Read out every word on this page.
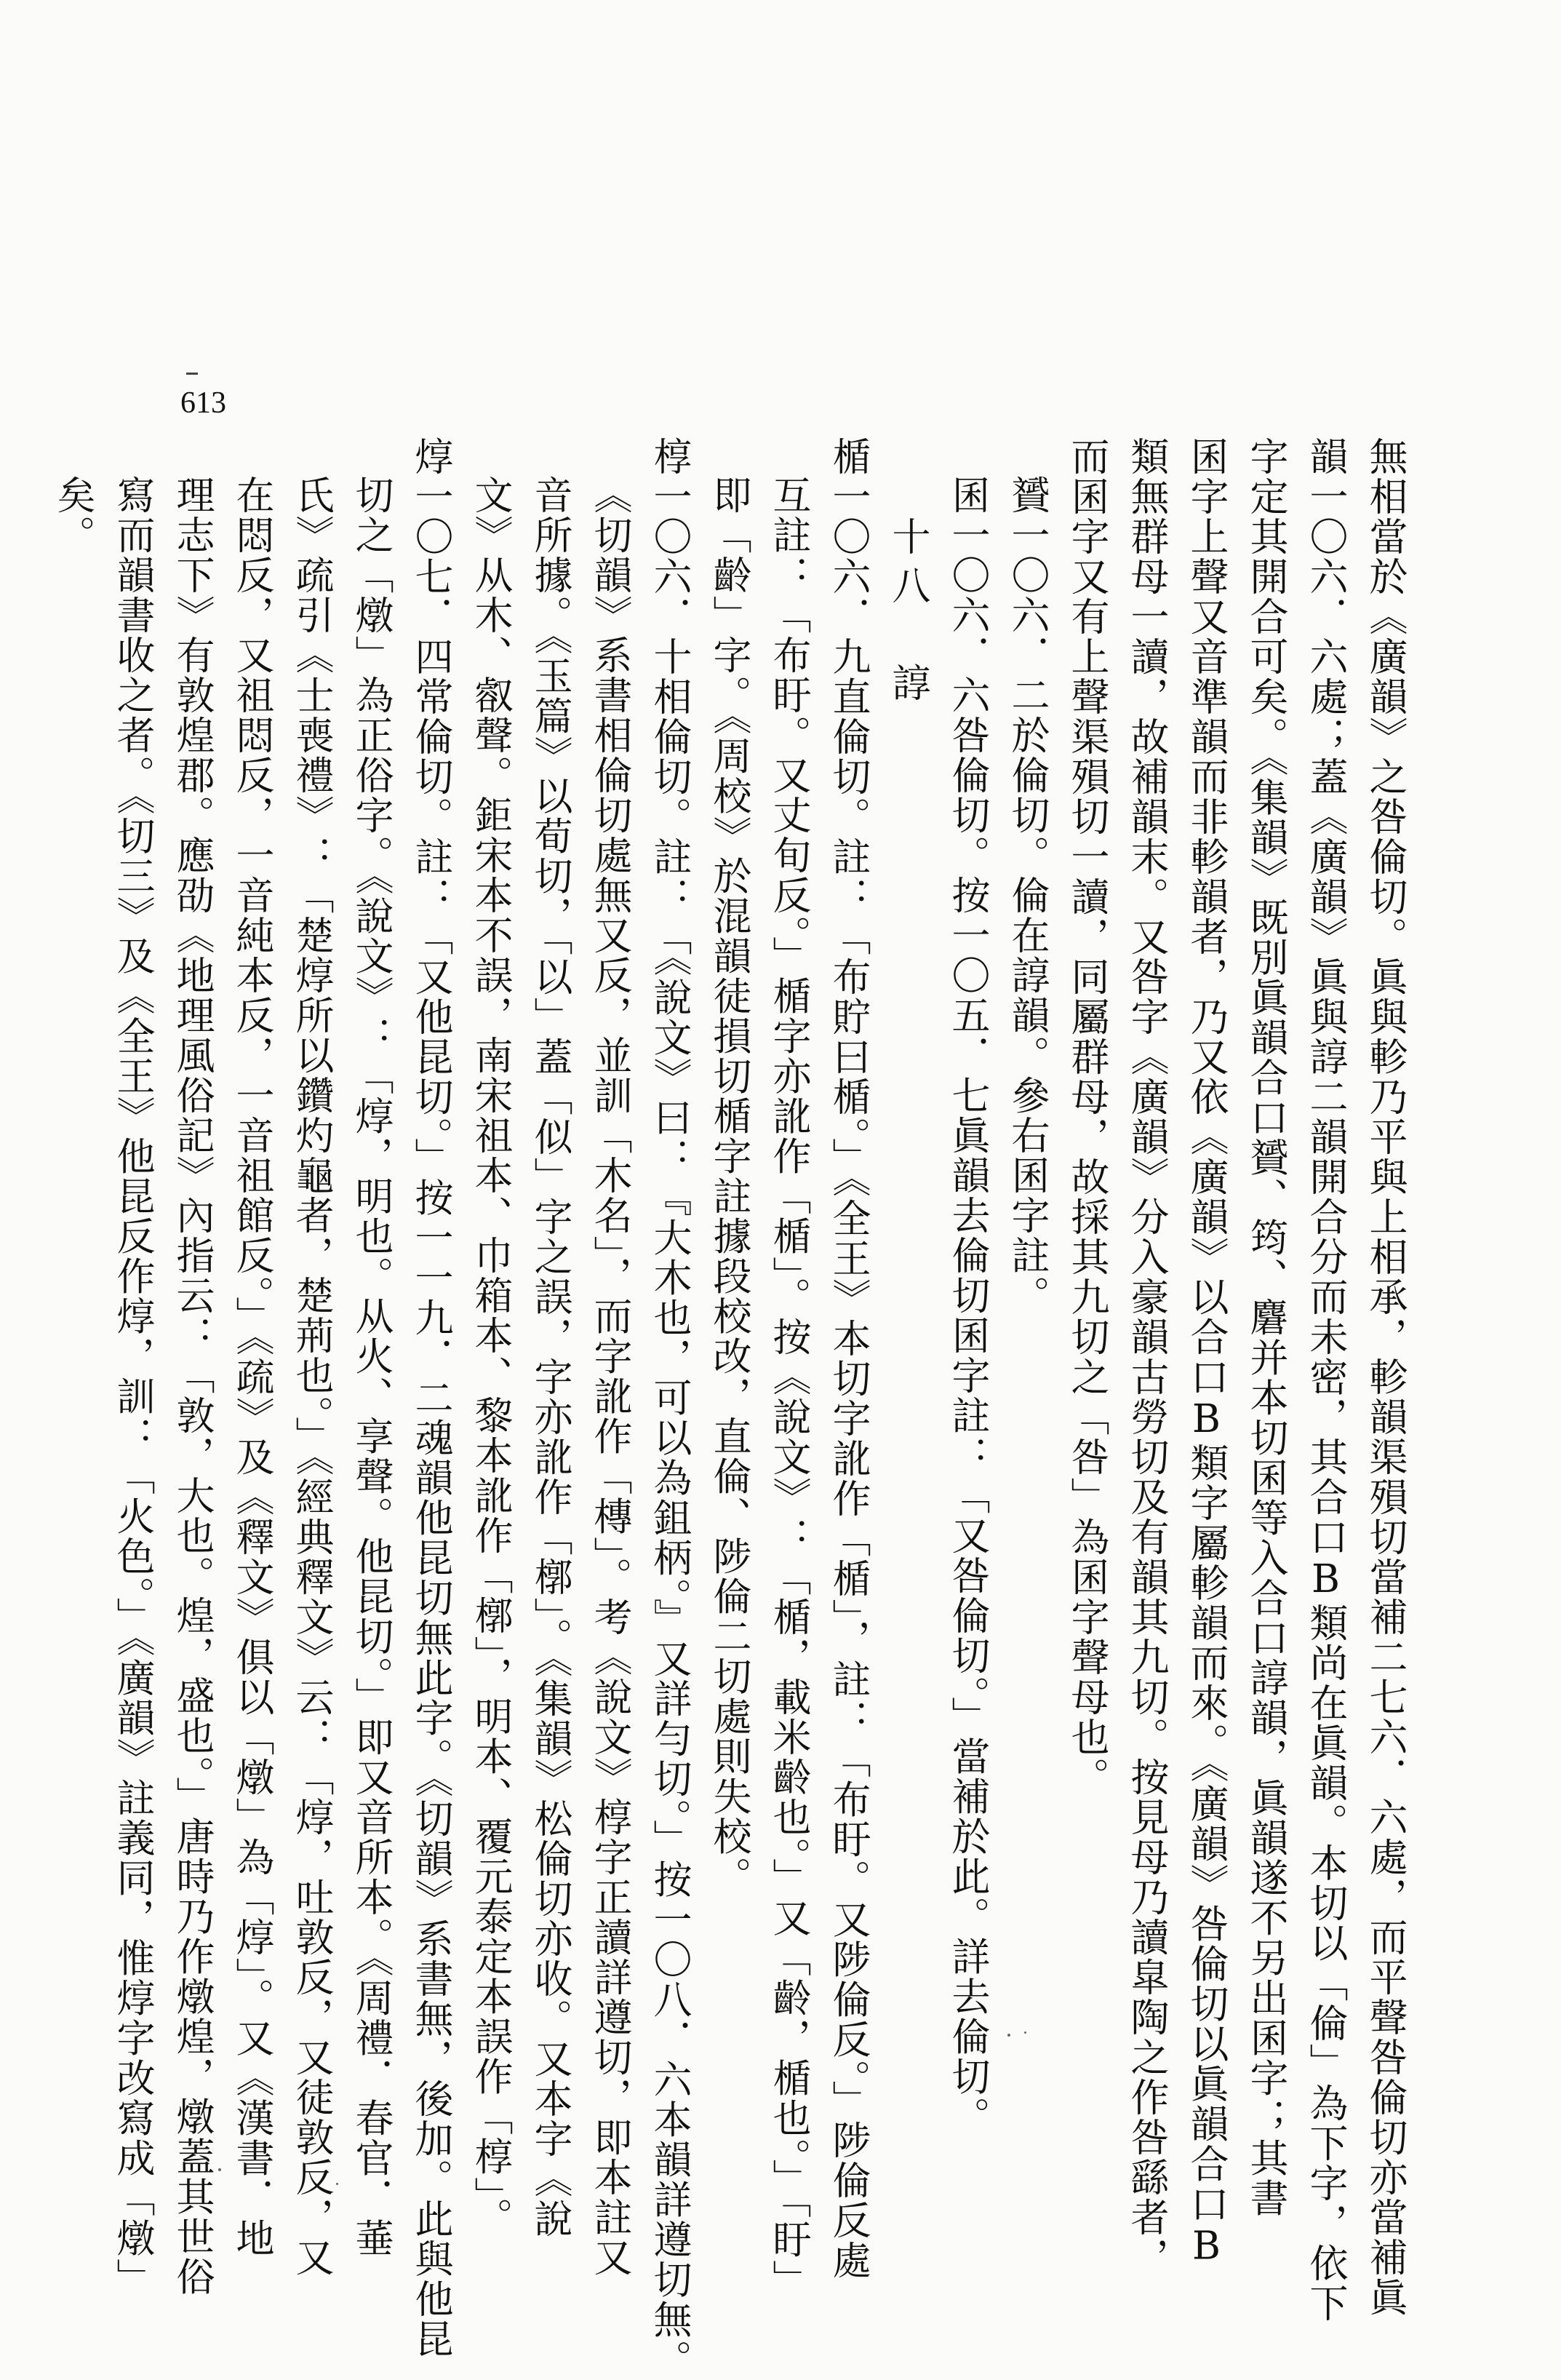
613
無相當於《廣韻》之咎倫切。眞與軫乃平與上相承，軫韻渠殞切當補二七六．六處，而平聲咎倫切亦當補眞
韻一〇六．六處；蓋《廣韻》眞與諄二韻開合分而未密，其合口B類尚在眞韻。本切以「倫」為下字，依下
字定其開合可矣。《集韻》既別眞韻合口贇、筠、麏并本切囷等入合口諄韻，眞韻遂不另出囷字；其書
囷字上聲又音準韻而非軫韻者，乃又依《廣韻》以合口B類字屬軫韻而來。《廣韻》咎倫切以眞韻合口B
類無群母一讀，故補韻末。又咎字《廣韻》分入豪韻古勞切及有韻其九切。按見母乃讀皐陶之作咎繇者，
而囷字又有上聲渠殞切一讀，同屬群母，故採其九切之「咎」為囷字聲母也。
贇一〇六．二於倫切。倫在諄韻。參右囷字註。
囷一〇六．六咎倫切。按一〇五．七眞韻去倫切囷字註：「又咎倫切。」當補於此。詳去倫切。
十八　諄
楯一〇六．九直倫切。註：「布貯曰楯。」《全王》本切字訛作「楯」，註：「布盱。又陟倫反。」陟倫反處
互註：「布盱。又丈旬反。」楯字亦訛作「楯」。按《說文》：「楯，載米齡也。」又「齡，楯也。」「盱」
即「齡」字。《周校》於混韻徒損切楯字註據段校改，直倫、陟倫二切處則失校。
椁一〇六．十相倫切。註：「《說文》曰：『大木也，可以為鉏柄。』又詳勻切。」按一〇八．六本韻詳遵切無。
《切韻》系書相倫切處無又反，並訓「木名」，而字訛作「槫」。考《說文》椁字正讀詳遵切，即本註又
音所據。《玉篇》以荀切，「以」蓋「似」字之誤，字亦訛作「槨」。《集韻》松倫切亦收。又本字《說
文》从木、㕡聲。鉅宋本不誤，南宋祖本、巾箱本、黎本訛作「槨」，明本、覆元泰定本誤作「椁」。
焞一〇七．四常倫切。註：「又他昆切。」按一一九．二魂韻他昆切無此字。《切韻》系書無，後加。此與他昆
切之「燉」為正俗字。《說文》：「焞，明也。从火、享聲。他昆切。」即又音所本。《周禮．春官．菙
氏》疏引《士喪禮》：「楚焞所以鑽灼龜者，楚荊也。」《經典釋文》云：「焞，吐敦反，又徒敦反，又
在悶反，又祖悶反，一音純本反，一音祖館反。」《疏》及《釋文》俱以「燉」為「焞」。又《漢書．地
理志下》有敦煌郡。應劭《地理風俗記》內指云：「敦，大也。煌，盛也。」唐時乃作燉煌，燉蓋其世俗
寫而韻書收之者。《切三》及《全王》他昆反作焞，訓：「火色。」《廣韻》註義同，惟焞字改寫成「燉」
矣。
